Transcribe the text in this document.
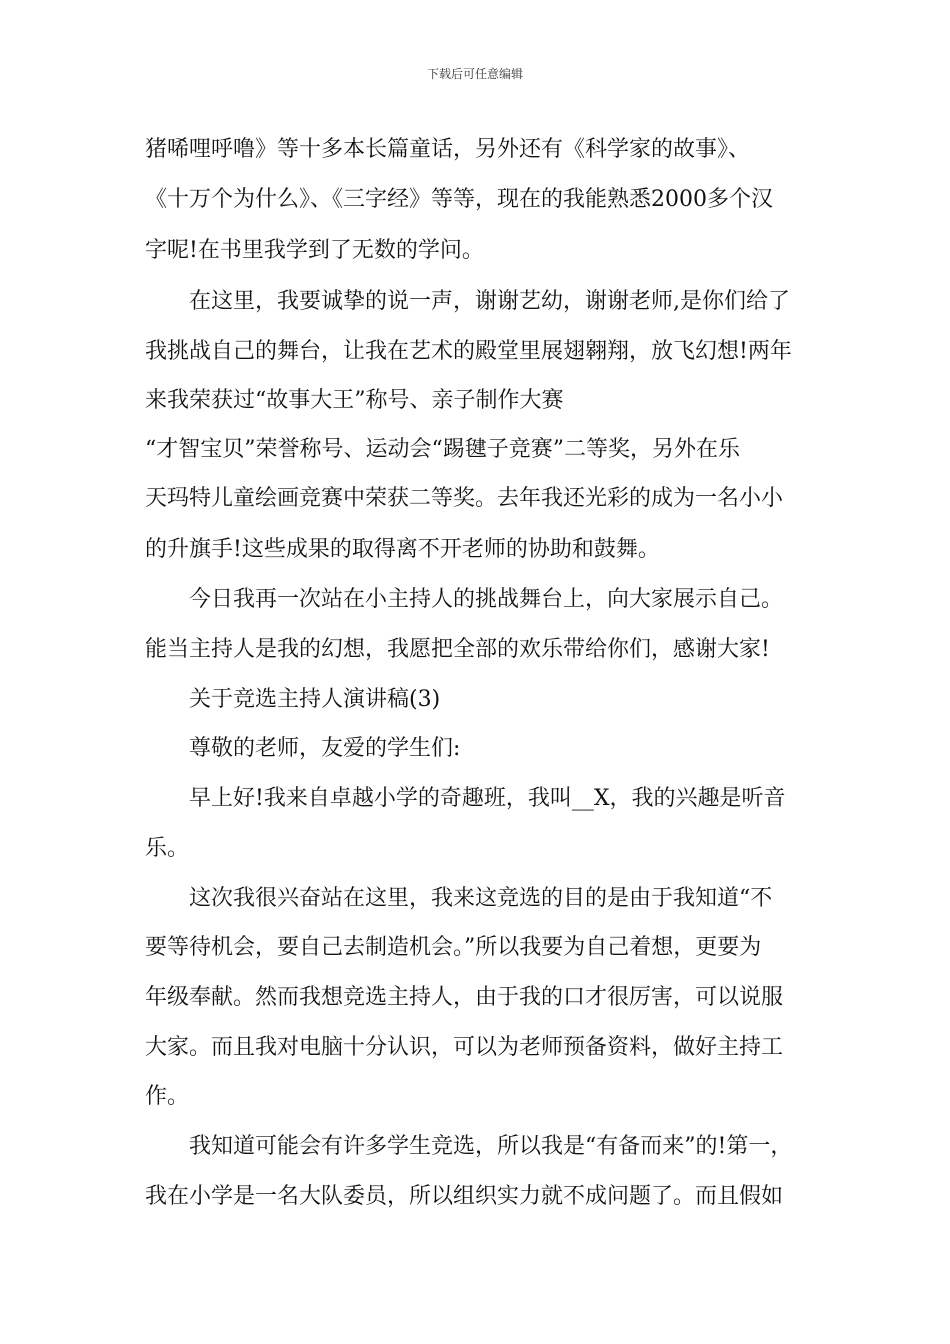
下载后可任意编辑
猪唏哩呼噜》等十多本长篇童话，另外还有《科学家的故事》、
《十万个为什么》、《三字经》等等，现在的我能熟悉2000多个汉
字呢!在书里我学到了无数的学问。
在这里，我要诚挚的说一声，谢谢艺幼，谢谢老师,是你们给了
我挑战自己的舞台，让我在艺术的殿堂里展翅翱翔，放飞幻想!两年
来我荣获过“故事大王”称号、亲子制作大赛
“才智宝贝”荣誉称号、运动会“踢毽子竞赛”二等奖，另外在乐
天玛特儿童绘画竞赛中荣获二等奖。去年我还光彩的成为一名小小
的升旗手!这些成果的取得离不开老师的协助和鼓舞。
今日我再一次站在小主持人的挑战舞台上，向大家展示自己。
能当主持人是我的幻想，我愿把全部的欢乐带给你们，感谢大家!
关于竞选主持人演讲稿(3)
尊敬的老师，友爱的学生们:
早上好!我来自卓越小学的奇趣班，我叫__X，我的兴趣是听音
乐。
这次我很兴奋站在这里，我来这竞选的目的是由于我知道“不
要等待机会，要自己去制造机会。”所以我要为自己着想，更要为
年级奉献。然而我想竞选主持人，由于我的口才很厉害，可以说服
大家。而且我对电脑十分认识，可以为老师预备资料，做好主持工
作。
我知道可能会有许多学生竞选，所以我是“有备而来”的!第一，
我在小学是一名大队委员，所以组织实力就不成问题了。而且假如
